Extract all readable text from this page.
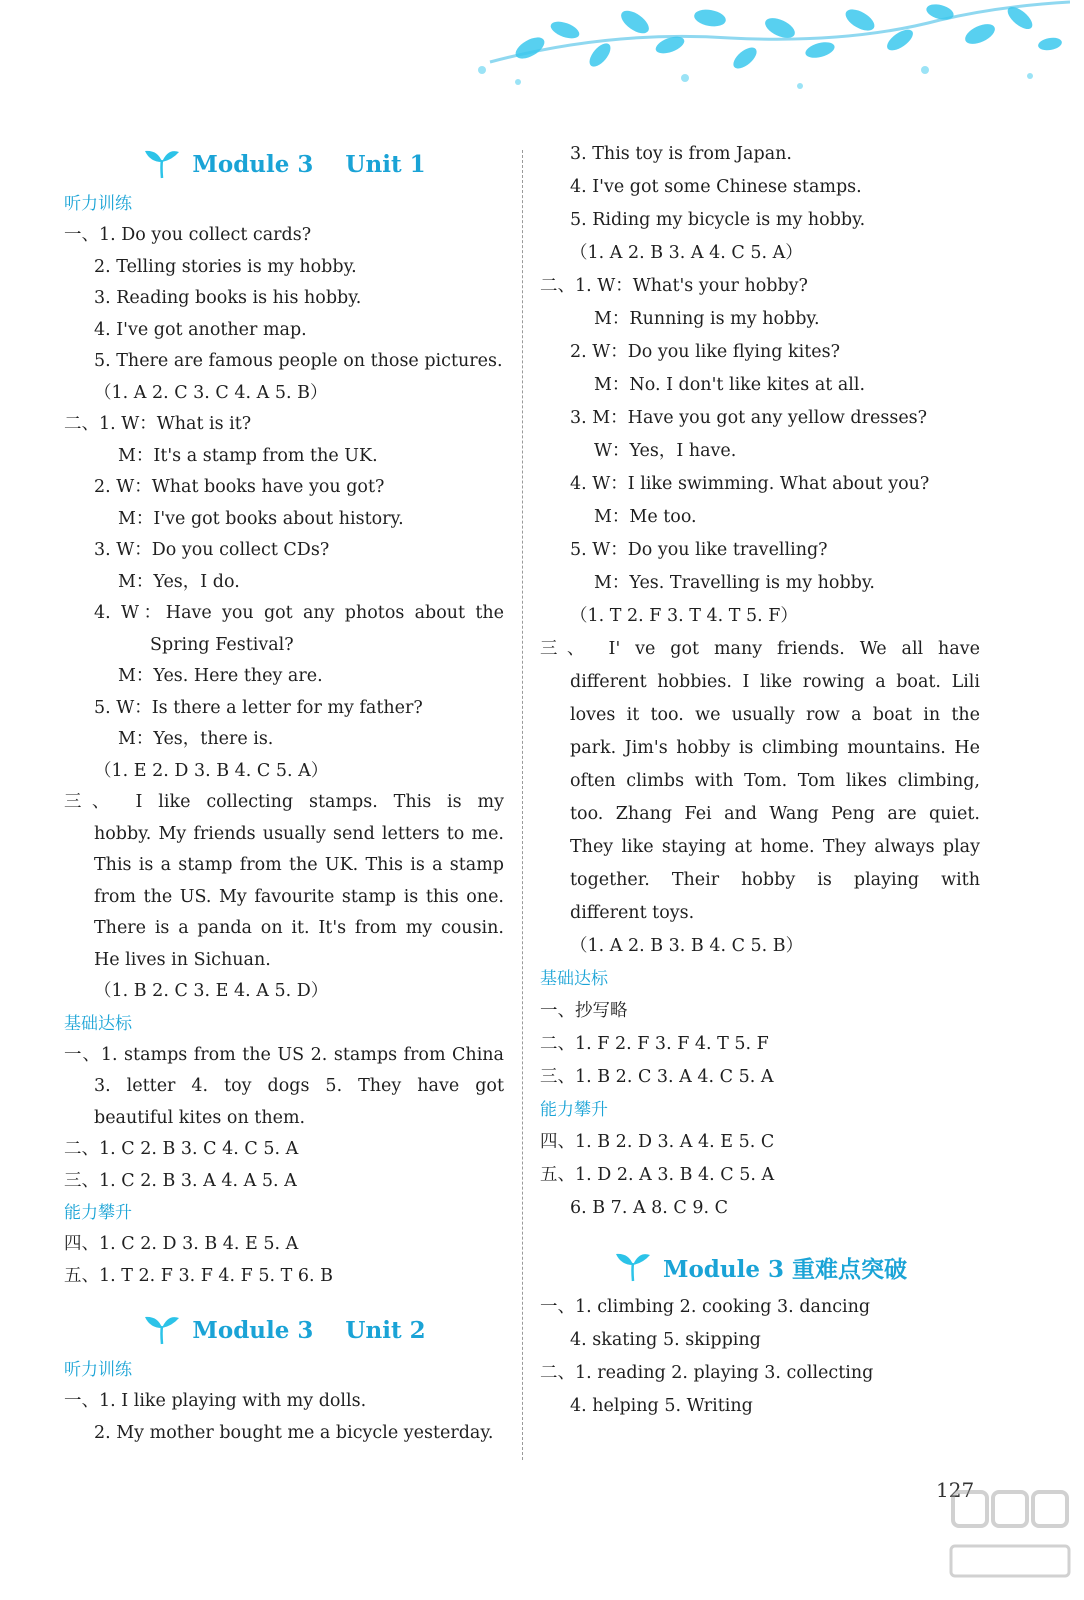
Module 3    Unit 1
听力训练
一、1. Do you collect cards?
2. Telling stories is my hobby.
3. Reading books is his hobby.
4. I've got another map.
5. There are famous people on those pictures.
（1. A 2. C 3. C 4. A 5. B）
二、1. W：What is it?
M：It's a stamp from the UK.
2. W：What books have you got?
M：I've got books about history.
3. W：Do you collect CDs?
M：Yes，I do.
4. W：Have you got any photos about the
Spring Festival?
M：Yes. Here they are.
5. W：Is there a letter for my father?
M：Yes，there is.
（1. E 2. D 3. B 4. C 5. A）
三、 I like collecting stamps. This is my
hobby. My friends usually send letters to me.
This is a stamp from the UK. This is a stamp
from the US. My favourite stamp is this one.
There is a panda on it. It's from my cousin.
He lives in Sichuan.
（1. B 2. C 3. E 4. A 5. D）
基础达标
一、1. stamps from the US 2. stamps from China
3. letter 4. toy dogs 5. They have got
beautiful kites on them.
二、1. C 2. B 3. C 4. C 5. A
三、1. C 2. B 3. A 4. A 5. A
能力攀升
四、1. C 2. D 3. B 4. E 5. A
五、1. T 2. F 3. F 4. F 5. T 6. B
Module 3    Unit 2
听力训练
一、1. I like playing with my dolls.
2. My mother bought me a bicycle yesterday.
3. This toy is from Japan.
4. I've got some Chinese stamps.
5. Riding my bicycle is my hobby.
（1. A 2. B 3. A 4. C 5. A）
二、1. W：What's your hobby?
M：Running is my hobby.
2. W：Do you like flying kites?
M：No. I don't like kites at all.
3. M：Have you got any yellow dresses?
W：Yes，I have.
4. W：I like swimming. What about you?
M：Me too.
5. W：Do you like travelling?
M：Yes. Travelling is my hobby.
（1. T 2. F 3. T 4. T 5. F）
三、 I' ve got many friends. We all have
different hobbies. I like rowing a boat. Lili
loves it too. we usually row a boat in the
park. Jim's hobby is climbing mountains. He
often climbs with Tom. Tom likes climbing,
too. Zhang Fei and Wang Peng are quiet.
They like staying at home. They always play
together. Their hobby is playing with
different toys.
（1. A 2. B 3. B 4. C 5. B）
基础达标
一、抄写略
二、1. F 2. F 3. F 4. T 5. F
三、1. B 2. C 3. A 4. C 5. A
能力攀升
四、1. B 2. D 3. A 4. E 5. C
五、1. D 2. A 3. B 4. C 5. A
6. B 7. A 8. C 9. C
Module 3 重难点突破
一、1. climbing 2. cooking 3. dancing
4. skating 5. skipping
二、1. reading 2. playing 3. collecting
4. helping 5. Writing
127
